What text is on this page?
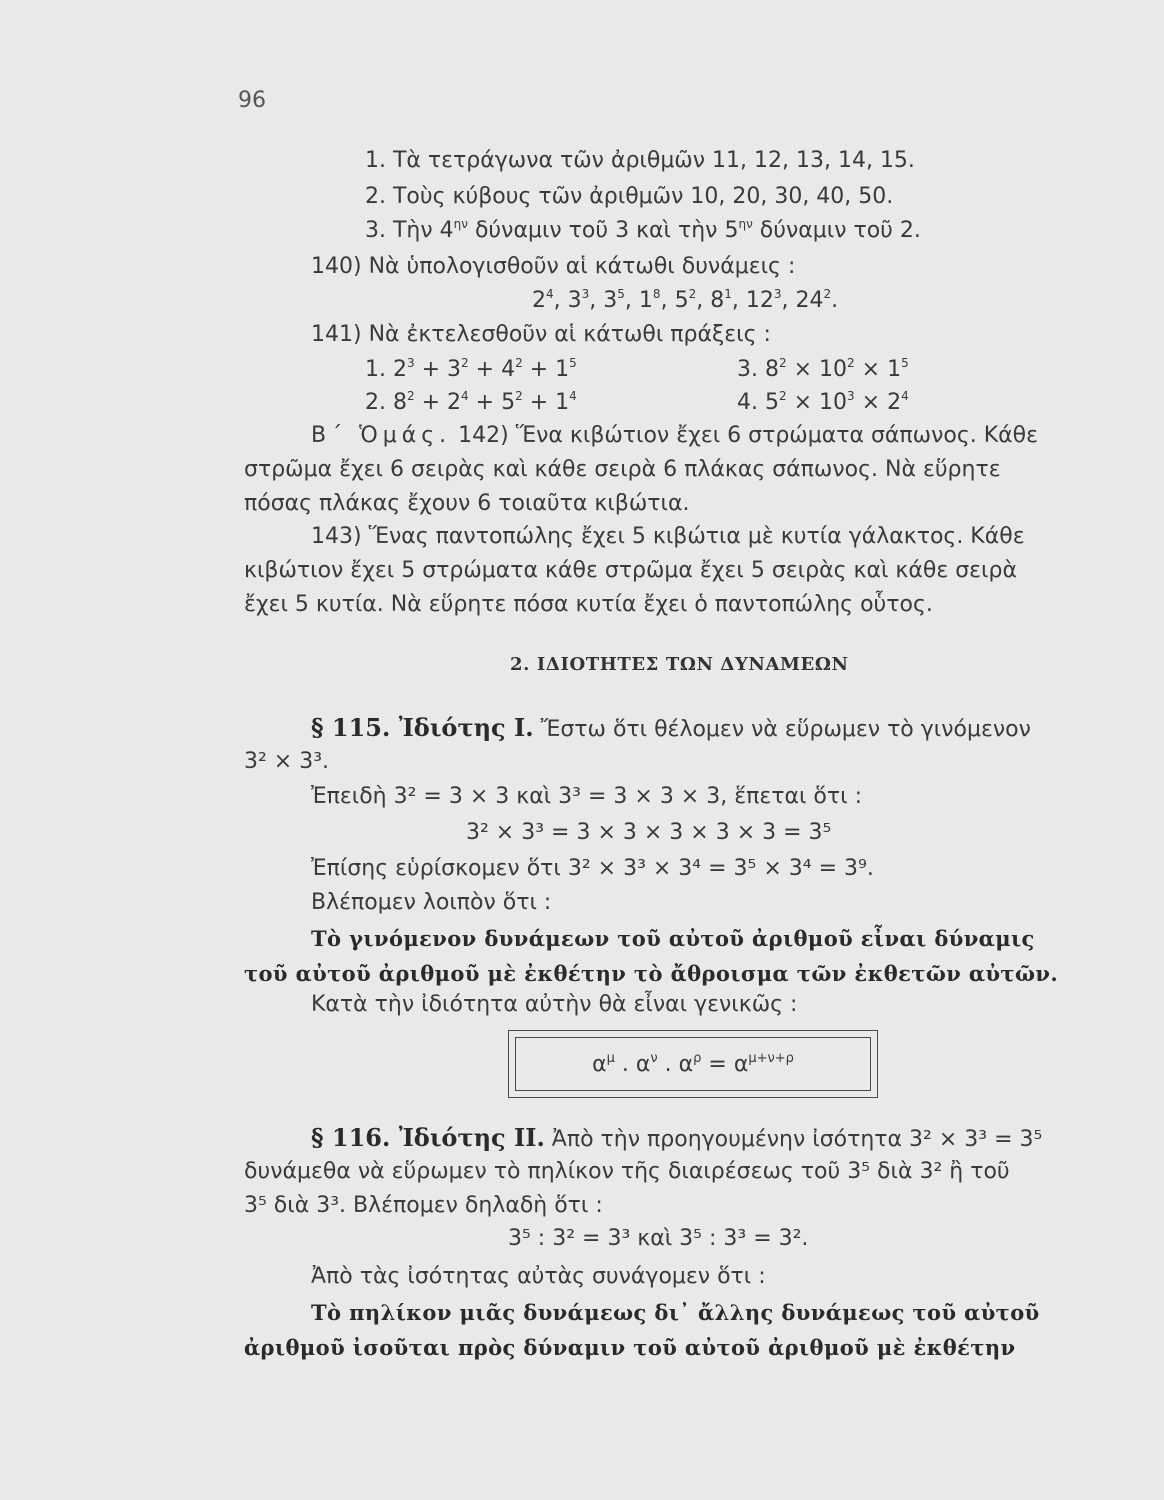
96
1. Τὰ τετράγωνα τῶν ἀριθμῶν 11, 12, 13, 14, 15.
2. Τοὺς κύβους τῶν ἀριθμῶν 10, 20, 30, 40, 50.
3. Τὴν $4^{\eta\nu}$ δύναμιν τοῦ 3 καὶ τὴν $5^{\eta\nu}$ δύναμιν τοῦ 2.
140) Νὰ ὑπολογισθοῦν αἱ κάτωθι δυνάμεις :
$2^4$, $3^3$, $3^5$, $1^8$, $5^2$, $8^1$, $12^3$, $24^2$.
141) Νὰ ἐκτελεσθοῦν αἱ κάτωθι πράξεις :
1. $2^3 + 3^2 + 4^2 + 1^5$	3. $8^2 \times 10^2 \times 1^5$
2. $8^2 + 2^4 + 5^2 + 1^4$	4. $5^2 \times 10^3 \times 2^4$
Β΄ Ὁμάς. 142) Ἕνα κιβώτιον ἔχει 6 στρώματα σάπωνος. Κάθε
στρῶμα ἔχει 6 σειρὰς καὶ κάθε σειρὰ 6 πλάκας σάπωνος. Νὰ εὕρητε
πόσας πλάκας ἔχουν 6 τοιαῦτα κιβώτια.
143) Ἕνας παντοπώλης ἔχει 5 κιβώτια μὲ κυτία γάλακτος. Κάθε
κιβώτιον ἔχει 5 στρώματα κάθε στρῶμα ἔχει 5 σειρὰς καὶ κάθε σειρὰ
ἔχει 5 κυτία. Νὰ εὕρητε πόσα κυτία ἔχει ὁ παντοπώλης οὗτος.
2. ΙΔΙΟΤΗΤΕΣ ΤΩΝ ΔΥΝΑΜΕΩΝ
§ 115. Ἰδιότης Ι. Ἔστω ὅτι θέλομεν νὰ εὕρωμεν τὸ γινόμενον
3² × 3³.
Ἐπειδὴ 3² = 3 × 3 καὶ 3³ = 3 × 3 × 3, ἕπεται ὅτι :
3² × 3³ = 3 × 3 × 3 × 3 × 3 = 3⁵
Ἐπίσης εὑρίσκομεν ὅτι 3² × 3³ × 3⁴ = 3⁵ × 3⁴ = 3⁹.
Βλέπομεν λοιπὸν ὅτι :
Τὸ γινόμενον δυνάμεων τοῦ αὐτοῦ ἀριθμοῦ εἶναι δύναμις
τοῦ αὐτοῦ ἀριθμοῦ μὲ ἐκθέτην τὸ ἄθροισμα τῶν ἐκθετῶν αὐτῶν.
Κατὰ τὴν ἰδιότητα αὐτὴν θὰ εἶναι γενικῶς :
$\alpha^\mu$ . $\alpha^\nu$ . $\alpha^\rho = \alpha^{\mu+\nu+\rho}$
§ 116. Ἰδιότης ΙΙ. Ἀπὸ τὴν προηγουμένην ἰσότητα 3² × 3³ = 3⁵
δυνάμεθα νὰ εὕρωμεν τὸ πηλίκον τῆς διαιρέσεως τοῦ 3⁵ διὰ 3² ἢ τοῦ
3⁵ διὰ 3³. Βλέπομεν δηλαδὴ ὅτι :
3⁵ : 3² = 3³ καὶ 3⁵ : 3³ = 3².
Ἀπὸ τὰς ἰσότητας αὐτὰς συνάγομεν ὅτι :
Τὸ πηλίκον μιᾶς δυνάμεως δι᾽ ἄλλης δυνάμεως τοῦ αὐτοῦ
ἀριθμοῦ ἰσοῦται πρὸς δύναμιν τοῦ αὐτοῦ ἀριθμοῦ μὲ ἐκθέτην
